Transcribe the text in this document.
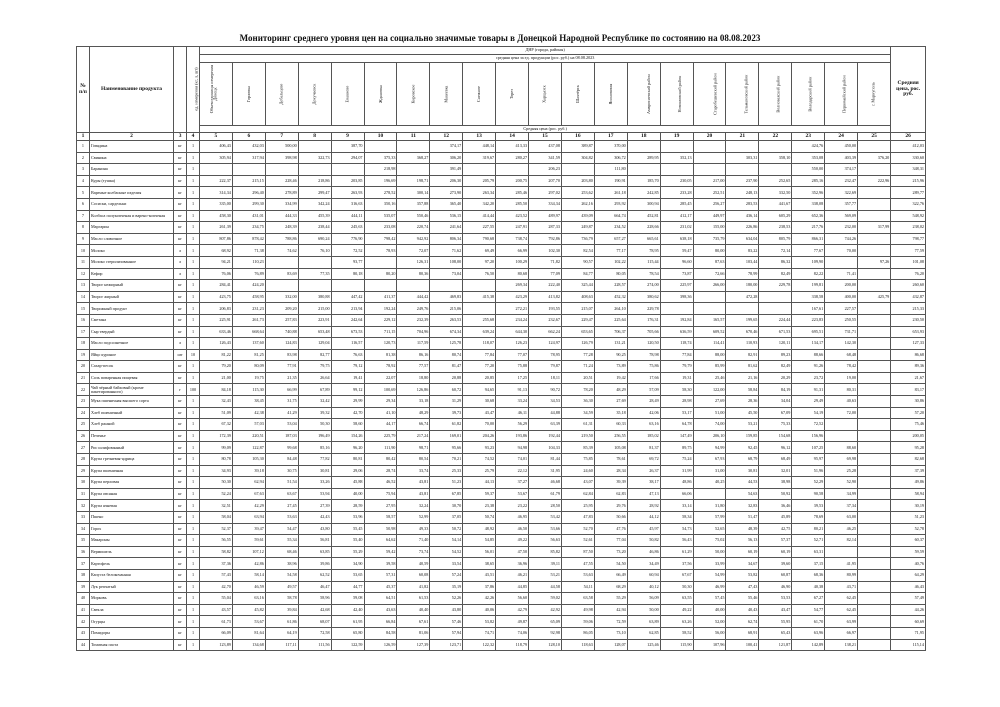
Мониторинг среднего уровня цен на социально значимые товары в Донецкой Народной Республике по состоянию на 08.08.2023
№ п/п	Наименование продукта	ед. измерения (кг, л, шт)	Объем единицы измерения	ДНР (города, районы)																					Средняя цена, рос. руб.
				средняя цена за ед. продукции (рос. руб.) на 08.08.2023																					
				Донецк	Горловка	Дебальцево	Докучаевск	Енакиево	Ждановка	Кировское	Макеевка	Снежное	Торез	Харцызск	Шахтёрск	Ясиноватая	Амвросиевский район	Новоазовский район	Старобешевский район	Тельмановский район	Волновахский район	Володарский район	Первомайский район	г. Мариуполь	
				Средняя цена (рос. руб.)																					
1	2	3	4	5	6	7	8	9	10	11	12	13	14	15	16	17	18	19	20	21	22	23	24	25	26
1	Говядина	кг	1	406,43	432,03	500,00		387,70			374,17	448,14	413,33	437,08	389,87	370,00						424,76	450,00		412,03
2	Свинина	кг	1	305,94	317,94	398,98	322,73	294,07	375,33	368,27	306,20	319,67	280,27	341,59	304,82	306,72	289,95	352,13		303,31	358,10	353,08	403,39	376,20	330,60
3	Баранина	кг	1						218,98		391,49			206,23		111,80						550,00	374,17		348,31
4	Куры (тушка)	кг	1	222,37	215,15	228,46	218,86	203,85	196,69	198,71	206,30	205,79	200,75	207,70	203,80	190,91	185,70	230,05	217,00	237,90	252,65	285,16	232,47	222,96	215,96
5	Вареные колбасные изделия	кг	1	314,34	296,40	278,89	299,47	263,93	278,52	300,14	273,90	263,34	285,46	297,02	253,62	261,18	242,85	233,28	252,51	248,13	332,50	352,96	322,69		289,77
6	Сосиски, сардельки	кг	1	335,00	299,30	334,99	342,24	316,63	350,16	357,88	365,40	342,20	285,50	334,34	262,16	293,92	300,94	285,45	256,27	283,53	441,67	338,08	357,77		322,76
7	Колбаса полукопченая и варено-копченая	кг	1	458,30	431,01	444,33	455,39	444,11	535,07	550,46	536,15	414,44	423,52	489,97	439,09	664,74	452,81	412,17	449,97	436,14	605,29	652,36	569,09		548,92
8	Маргарин	кг	1	261,39	234,75	248,39	238,44	245,63	233,08	220,74	241,64	227,55	247,91	287,33	249,87	234,52	228,66	231,02	155,00	226,86	238,53	217,76	232,00	317,99	238,02
9	Масло сливочное	кг	1	807,86	878,42	788,86	690,24	776,90	798,42	942,92	806,34	790,68	738,74	792,86	736,79	657,27	665,61	638,18	735,79	634,04	805,79	866,31	744,26		798,77
10	Молоко	л	1	68,92	71,38	74,62	76,10	72,52	78,93	72,07	71,62	69,49	66,99	102,30	82,54	77,17	78,95	59,47	80,00	83,22	72,14	77,67	70,00		77,59
11	Молоко стерилизованное	л	1	94,21	110,23			93,77		126,31	108,00	97,20	100,29	71,82	90,57	102,22	115,44	96,60	87,63	103,44	86,32	109,90		97,26	101,08
12	Кефир	л	1	76,06	76,89	83,69	77,35	80,18	80,20	80,36	73,04	76,50	80,68	77,09	84,77	80,05	78,54	73,87	72,66	78,99	82,49	82,22	71,41		76,20
13	Творог нежирный	кг	1	284,41	424,20								269,34	222,40	325,44	228,57	274,00	225,97	266,00	180,00	229,78	199,81	200,00		260,60
14	Творог жирный	кг	1	423,75	458,95	332,00	380,88	447,42	411,37	444,42	469,83	415,38	423,29	413,82	408,63	452,32	380,62	398,36		472,28		338,58	400,00	425,79	432,87
15	Творожный продукт	кг	1	206,83	231,23	209,20	215,00	213,94	192,24	249,76	215,06		272,21	193,55	215,07	264,10	229,78					167,61	227,57		215,33
16	Сметана	кг	1	225,91	261,73	257,83	223,91	242,64	229,12	232,39	263,53	255,68	234,24	232,67	229,47	225,64	176,31	192,84	165,57	199,65	224,44	223,83	250,55		230,50
17	Сыр твердый	кг	1	633,46	668,64	740,88	653,48	673,53	711,15	704,96	674,34	639,24	644,30	662,24	653,65	706,37	705,66	636,59	609,52	670,46	671,53	695,51	731,71		653,93
18	Масло подсолнечное	л	1	126,43	137,60	124,83	129,04	116,57	120,73	117,59	125,78	118,07	126,23	124,97	126,79	131,21	120,50	118,74	114,41	110,93	120,11	134,17	142,30		127,33
19	Яйцо куриное	шт	10	81,22	81,25	83,98	82,77	76,63	81,38	86,16	80,74	77,84	77,07	78,95	77,28	90,25	78,98	77,84	88,00	82,91	89,23	88,66	68,48		86,68
20	Сахар-песок	кг	1	79,20	80,09	77,91	79,75	79,12	78,92	77,57	81,47	77,20	75,88	79,87	71,24	73,89	75,86	79,79	85,99	81,62	82,49	91,26	78,42		89,36
21	Соль поваренная пищевая	кг	1	21,00	19,75	21,35	26,64	19,41	22,07	18,80	20,88	20,85	17,25	18,11	20,51	19,42	17,66	19,31	25,46	21,16	20,29	23,72	19,00		21,67
22	Чай чёрный байховый (кроме пакетированного)	г	100	84,18	115,30	66,99	67,89	99,12	100,69	126,86	60,72	94,65	91,13	90,72	78,20	48,29	57,09	58,30	122,00	58,84	84,19	91,31	80,31		83,17
23	Мука пшеничная высшего сорта	кг	1	32,43	38,45	31,75	32,42	29,99	29,34	33,18	31,29	30,68	33,24	34,53	36,30	27,69	28,49	28,98	27,69	28,36	34,04	29,49	40,63		30,86
24	Хлеб пшеничный	кг	1	51,09	42,38	41,29	39,32	42,70	41,10	48,29	39,73	43,47	46,11	44,88	34,59	35,18	42,06	53,17	51,00	45,50	67,09	54,19	72,00		57,20
25	Хлеб ржаной	кг	1	67,32	57,03	53,04	50,30	58,60	44,17	66,74	61,82	70,00	56,29	63,39	61,31	60,33	63,16	64,78	74,00	53,21	75,33	72,52			75,46
26	Печенье	кг	1	172,39	220,51	187,03	196,49	154,26	225,79	217,24	169,01	204,26	193,86	192,44	219,50	256,55	185,02	147,49	206,10	159,85	154,68	156,96			200,05
27	Рис шлифованный	кг	1	99,09	122,87	99,68	85,16	96,20	111,90	98,71	95,66	93,23	94,98	104,33	85,39	105,08	81,37	89,75	94,99	92,45	96,12	107,25	88,60		95,28
28	Крупа гречневая-ядрица	кг	1	80,78	105,30	84,48	77,82	80,81	80,42	80,54	70,21	74,52	74,01	81,44	75,85	78,61	69,72	75,24	67,93	68,79	68,49	95,97	69,98		82,68
29	Крупа пшеничная	кг	1	34,93	39,18	30,75	30,81	29,06	28,74	33,74	25,33	25,79	22,12	31,95	24,60	28,34	26,37	31,99	31,00	30,81	32,01	51,96	25,28		37,39
30	Крупа перловая	кг	1	50,30	62,94	51,54	33,26	45,88	46,52	43,81	51,23	44,13	37,27	46,68	43,07	39,39	38,17	48,86	40,25	44,53	38,98	52,29	52,90		49,86
31	Крупа овсяная	кг	1	52,24	67,63	63,67	53,94	40,00	75,94	43,81	67,85	59,37	53,67	61,79	62,84	62,83	47,13	66,06		54,63	50,92	90,58	34,99		58,94
32	Крупа ячневая	кг	1	32,51	42,29	27,45	27,39	28,59	27,95	32,24	30,70	23,38	23,22	28,50	25,95	29,76	28,92	33,14	31,80	32,83	36,46	39,53	37,34		30,19
33	Пшено	кг	1	58,04	63,94	53,63	42,43	53,96	58,57	52,99	37,05	50,74	46,95	53,42	47,83	50,66	44,12	58,34	57,99	51,47	45,89	78,69	63,00		51,23
34	Горох	кг	1	52,37	39,47	54,47	43,80	55,45	50,98	49,33	50,72	48,92	46,50	53,66	52,70	47,76	45,97	54,73	52,65	48,39	42,75	80,21	46,25		52,78
35	Макароны	кг	1	56,55	59,61	55,34	56,81	55,40	64,62	71,40	54,14	54,85	49,22	56,63	52,61	77,04	50,82	56,43	75,02	56,13	57,37	52,71	82,14		60,37
36	Вермишель	кг	1	58,82	107,12	68,46	63,85	55,29	59,42	73,74	54,52	56,01	47,50	85,82	87,50	73,20	46,86	61,29	50,00	60,19	60,19	63,31			59,59
37	Картофель	кг	1	37,36	42,86	38,96	39,86	34,90	39,58	40,59	33,54	38,65	36,96	39,11	47,55	54,50	34,49	37,56	33,99	34,67	39,60	37,15	41,95		40,76
38	Капуста белокочанная	кг	1	57,43	58,14	54,58	62,52	53,65	57,31	60,08	57,24	43,51	46,21	53,21	53,63	66,49	60,94	67,67	54,99	53,82	60,87	68,36	80,99		64,29
39	Лук репчатый	кг	1	42,70	46,59	49,57	46,47	44,77	45,37	41,82	35,19	37,86	44,85	44,58	54,11	68,29	40,12	50,30	46,99	47,43	46,90	40,38	43,71		46,43
40	Морковь	кг	1	55,04	63,16	58,78	58,96	59,08	64,51	61,53	52,26	42,26	56,60	59,02	63,58	55,29	56,09	63,55	57,45	55,46	53,53	67,27	62,45		57,49
41	Свекла	кг	1	43,57	45,82	39,84	42,68	42,40	43,63	40,40	43,80	40,06	42,79	42,92	49,98	42,94	50,00	49,22	40,00	40,43	43,47	54,77	62,45		44,26
42	Огурцы	кг	1	61,73	53,67	61,86	68,07	61,95	66,84	67,61	57,46	53,82	49,87	65,09	59,06	72,59	63,89	63,26	52,00	62,74	55,95	61,70	63,99		60,69
43	Помидоры	кг	1	66,09	81,64	64,19	72,58	65,80	84,58	81,06	57,94	74,71	74,06	92,98	86,05	73,10	62,85	58,52	56,00	68,91	65,43	63,96	66,97		71,95
44	Томатная паста	кг	1	123,89	134,68	117,11	111,56	122,59	126,59	127,39	123,71	122,32	118,79	128,10	118,63	128,07	125,46	115,90	107,96	100,41	121,87	142,89	138,21		115,14
